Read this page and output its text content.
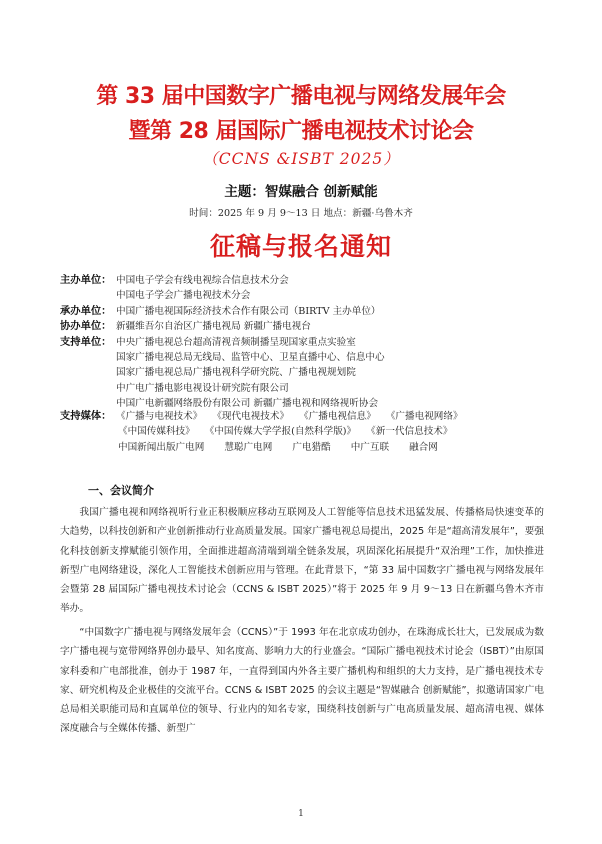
第 33 届中国数字广播电视与网络发展年会
暨第 28 届国际广播电视技术讨论会
（CCNS &ISBT 2025）
主题：智媒融合 创新赋能
时间：2025 年 9 月 9～13 日 地点：新疆·乌鲁木齐
征稿与报名通知
主办单位： 中国电子学会有线电视综合信息技术分会
中国电子学会广播电视技术分会
承办单位： 中国广播电视国际经济技术合作有限公司（BIRTV 主办单位）
协办单位： 新疆维吾尔自治区广播电视局 新疆广播电视台
支持单位： 中央广播电视总台超高清视音频制播呈现国家重点实验室
国家广播电视总局无线局、监管中心、卫星直播中心、信息中心
国家广播电视总局广播电视科学研究院、广播电视规划院
中广电广播电影电视设计研究院有限公司
中国广电新疆网络股份有限公司 新疆广播电视和网络视听协会
支持媒体： 《广播与电视技术》 《现代电视技术》 《广播电视信息》 《广播电视网络》
《中国传媒科技》 《中国传媒大学学报(自然科学版)》 《新一代信息技术》
中国新闻出版广电网 慧聪广电网 广电猎酷 中广互联 融合网
一、会议简介
我国广播电视和网络视听行业正积极顺应移动互联网及人工智能等信息技术迅猛发展、传播格局快速变革的大趋势，以科技创新和产业创新推动行业高质量发展。国家广播电视总局提出，2025 年是“超高清发展年”，要强化科技创新支撑赋能引领作用，全面推进超高清端到端全链条发展，巩固深化拓展提升“双治理”工作，加快推进新型广电网络建设，深化人工智能技术创新应用与管理。在此背景下，“第 33 届中国数字广播电视与网络发展年会暨第 28 届国际广播电视技术讨论会（CCNS & ISBT 2025）”将于 2025 年 9 月 9～13 日在新疆乌鲁木齐市举办。
“中国数字广播电视与网络发展年会（CCNS）”于 1993 年在北京成功创办，在珠海成长壮大，已发展成为数字广播电视与宽带网络界创办最早、知名度高、影响力大的行业盛会。“国际广播电视技术讨论会（ISBT）”由原国家科委和广电部批准，创办于 1987 年，一直得到国内外各主要广播机构和组织的大力支持，是广播电视技术专家、研究机构及企业极佳的交流平台。CCNS & ISBT 2025 的会议主题是“智媒融合 创新赋能”，拟邀请国家广电总局相关职能司局和直属单位的领导、行业内的知名专家，围绕科技创新与广电高质量发展、超高清电视、媒体深度融合与全媒体传播、新型广
1
